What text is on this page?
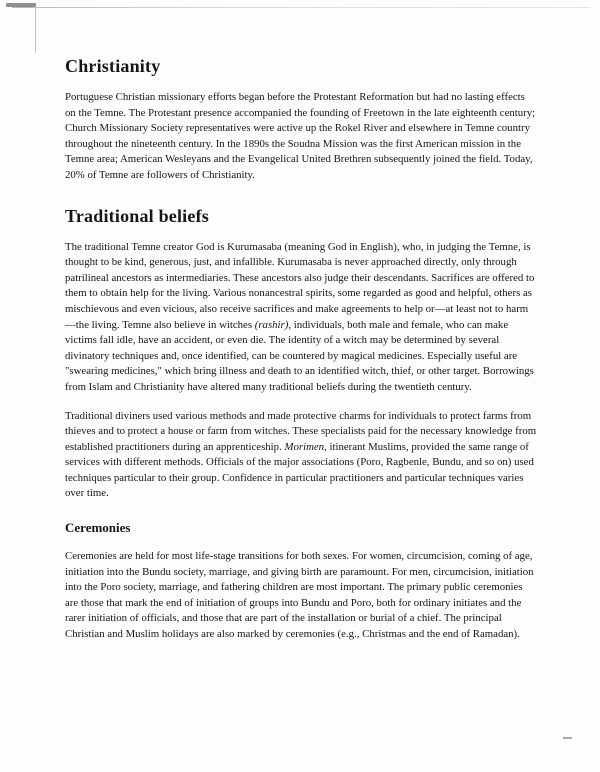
Christianity

Portuguese Christian missionary efforts began before the Protestant Reformation but had no lasting effects on the Temne. The Protestant presence accompanied the founding of Freetown in the late eighteenth century; Church Missionary Society representatives were active up the Rokel River and elsewhere in Temne country throughout the nineteenth century. In the 1890s the Soudna Mission was the first American mission in the Temne area; American Wesleyans and the Evangelical United Brethren subsequently joined the field. Today, 20% of Temne are followers of Christianity.

Traditional beliefs

The traditional Temne creator God is Kurumasaba (meaning God in English), who, in judging the Temne, is thought to be kind, generous, just, and infallible. Kurumasaba is never approached directly, only through patrilineal ancestors as intermediaries. These ancestors also judge their descendants. Sacrifices are offered to them to obtain help for the living. Various nonancestral spirits, some regarded as good and helpful, others as mischievous and even vicious, also receive sacrifices and make agreements to help or—at least not to harm—the living. Temne also believe in witches (rashir), individuals, both male and female, who can make victims fall idle, have an accident, or even die. The identity of a witch may be determined by several divinatory techniques and, once identified, can be countered by magical medicines. Especially useful are "swearing medicines," which bring illness and death to an identified witch, thief, or other target. Borrowings from Islam and Christianity have altered many traditional beliefs during the twentieth century.

Traditional diviners used various methods and made protective charms for individuals to protect farms from thieves and to protect a house or farm from witches. These specialists paid for the necessary knowledge from established practitioners during an apprenticeship. Morimen, itinerant Muslims, provided the same range of services with different methods. Officials of the major associations (Poro, Ragbenle, Bundu, and so on) used techniques particular to their group. Confidence in particular practitioners and particular techniques varies over time.

Ceremonies

Ceremonies are held for most life-stage transitions for both sexes. For women, circumcision, coming of age, initiation into the Bundu society, marriage, and giving birth are paramount. For men, circumcision, initiation into the Poro society, marriage, and fathering children are most important. The primary public ceremonies are those that mark the end of initiation of groups into Bundu and Poro, both for ordinary initiates and the rarer initiation of officials, and those that are part of the installation or burial of a chief. The principal Christian and Muslim holidays are also marked by ceremonies (e.g., Christmas and the end of Ramadan).
